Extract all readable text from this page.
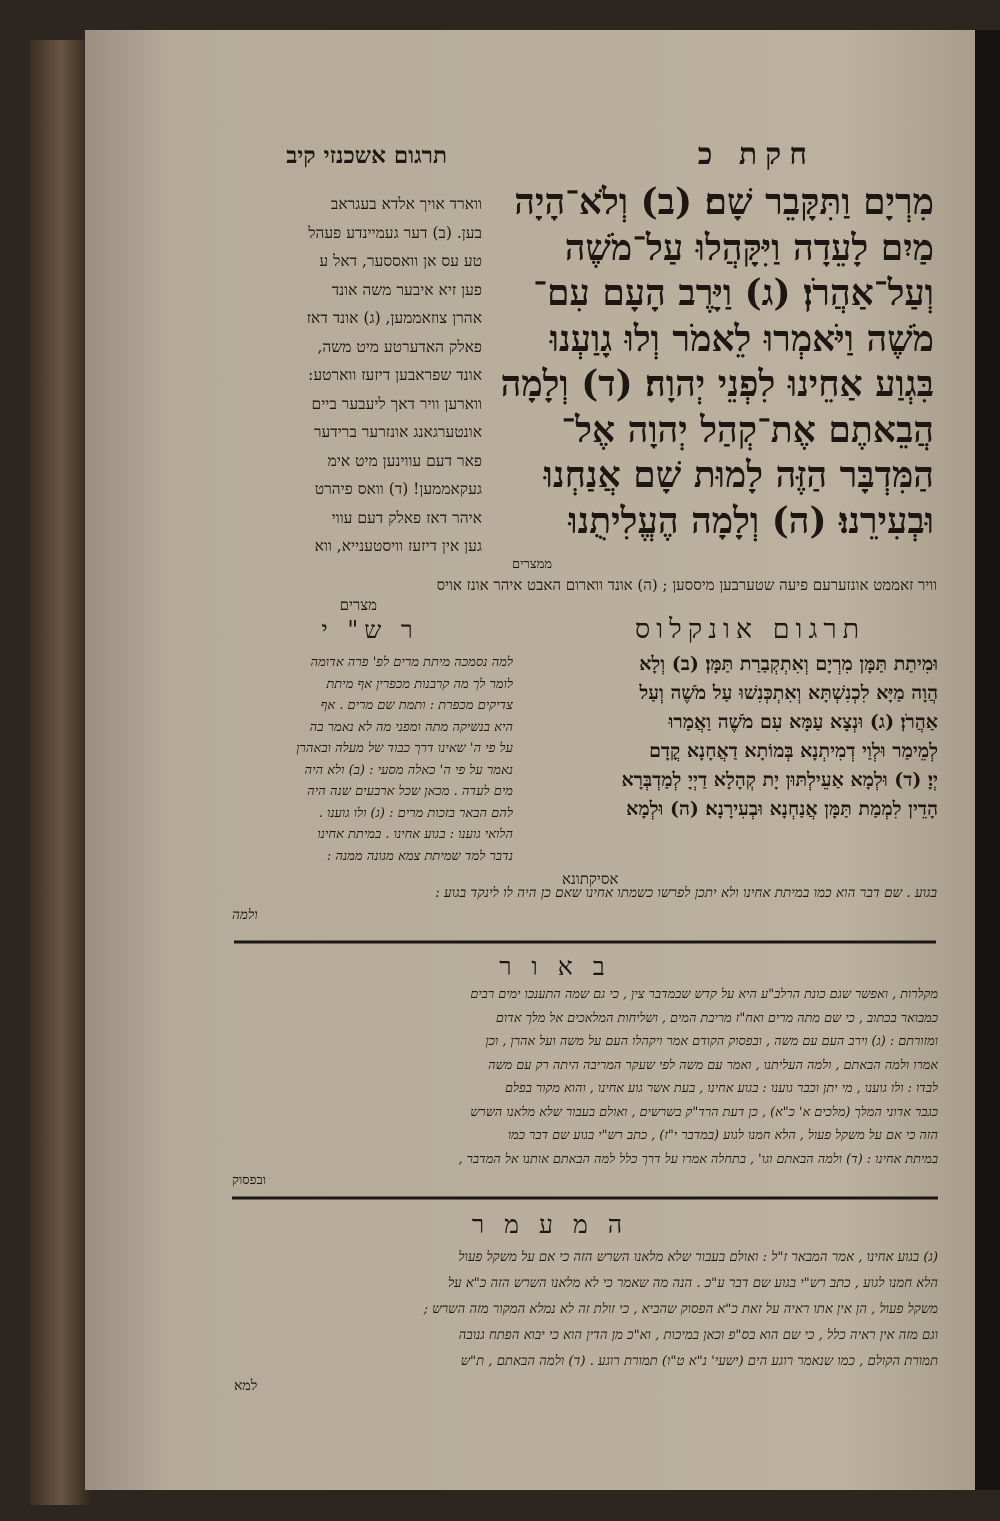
תרגום אשכנזי קיב	חקת כ
מִרְיָם וַתִּקָּבֵר שָׁם׃ (ב) וְלֹא־הָיָה
מַיִם לָעֵדָה וַיִּקָּהֲלוּ עַל־מֹשֶׁה
וְעַל־אַהֲרֹן׃ (ג) וַיָּרֶב הָעָם עִם־
מֹשֶׁה וַיֹּאמְרוּ לֵאמֹר וְלוּ גָוַעְנוּ
בִּגְוַע אַחֵינוּ לִפְנֵי יְהוָה׃ (ד) וְלָמָה
הֲבֵאתֶם אֶת־קְהַל יְהוָה אֶל־
הַמִּדְבָּר הַזֶּה לָמוּת שָׁם אֲנַחְנוּ
וּבְעִירֵנוּ׃ (ה) וְלָמָה הֶעֱלִיתֻנוּ
ממצרים
ווארד אויך אלדא בעגראב
בען. (ב) דער געמיינדע פעהל
טע עס אן וואססער, דאל ע
פען זיא איבער משה אונד
אהרן צוזאממען, (ג) אונד דאז
פאלק האדערטע מיט משה,
אונד שפראבען דיזעז ווארטע:
ווארען וויר דאך ליעבער ביים
אונטערגאנג אונזרער ברידער
פאר דעם עווינען מיט אימ
געקאממען! (ד) וואס פיהרט
איהר דאז פאלק דעם עווי
גען אין דיזעז וויסטענייא, ווא
וויר זאממט אונזערעם פיעה שטערבען מיססען ; (ה) אונד ווארום האבט איהר אונז אויס
מצרים
תרגום אונקלוס
וּמִיתַת תַּמָּן מִרְיָם וְאִתְקְבַרַת תַּמָּן׃ (ב) וְלָא
הֲוָה מַיָּא לִכְנִשְׁתָּא וְאִתְכְּנִשׁוּ עַל מֹשֶׁה וְעַל
אַהֲרֹן׃ (ג) וּנְצָא עַמָּא עִם מֹשֶׁה וַאֲמַרוּ
לְמֵימַר וּלְוַי דְמִיתְנָא בְּמוֹתָא דַאֲחָנָא קֳדָם
יְיָ׃ (ד) וּלְמָא אַעֵילְתּוּן יָת קְהָלָא דַיְיָ לְמַדְבְּרָא
הָדֵין לִמְמַת תַּמָּן אֲנַחְנָא וּבְעִירָנָא׃ (ה) וּלְמָא
אסיקתונא
ר ש" י
למה נסמכה מיתת מרים לפ' פרה אדומה
לומר לך מה קרבנות מכפרין אף מיתת
צדיקים מכפרת : ותמת שם מרים . אף
היא בנשיקה מתה ומפני מה לא נאמר בה
על פי ה' שאינו דרך כבוד של מעלה ובאהרן
נאמר על פי ה' כאלה מסעי : (ב) ולא היה
מים לעדה . מכאן שכל ארבעים שנה היה
להם הבאר בזכות מרים : (ג) ולו גוענו .
הלואי גוענו : בגוע אחינו . במיתת אחינו
נדבר למד שמיתת צמא מגונה ממנה :
בגוע . שם דבר הוא כמו במיתת אחינו ולא יתכן לפרשו כשמתו אחינו שאם כן היה לו לינקד בגוע :
ולמה
ב א ו ר
מקלרות , ואפשר שגם כונת הרלב"ע היא על קדש שבמדבר צין , כי גם שמה התענכו ימים רבים
כמבואר בכתוב , כי שם מתה מרים ואח"ז מריבת המים , ושליחות המלאכים אל מלך אדום
ומזורתם : (ג) וירב העם עם משה , ובפסוק הקודם אמר ויקהלו העם על משה ועל אהרן , וכן
אמרו ולמה הבאתם , ולמה העליתנו , ואמר עם משה לפי שעקר המריבה היתה רק עם משה
לבדו : ולו גוענו , מי יתן וכבר גוענו : בגוע אחינו , בעת אשר גוע אחינו , והוא מקור בפלם
כגבר אדוני המלך (מלכים א' כ"א) , כן דעת הרד"ק בשרשים , ואולם בעבור שלא מלאנו השרש
הזה כי אם על משקל פעול , הלא חמנו לגוע (במדבר י"ז) , כתב רש"י בגוע שם דבר כמו
במיתת אחינו : (ד) ולמה הבאתם וגו' , בתחלה אמרו על דרך כלל למה הבאתם אותנו אל המדבר ,
ובפסוק
ה מ ע מ ר
(ג) בגוע אחינו , אמר המבאר ז"ל : ואולם בעבור שלא מלאנו השרש הזה כי אם על משקל פעול
הלא חמנו לגוע , כתב רש"י בגוע שם דבר ע"כ . הנה מה שאמר כי לא מלאנו השרש הזה כ"א על
משקל פעול , הן אין אתו ראיה על זאת כ"א הפסוק שהביא , כי זולת זה לא נמלא המקור מזה השרש ;
וגם מזה אין ראיה כלל , כי שם הוא בס"פ וכאן במיכות , וא"כ מן הדין הוא כי יבוא הפתח גנובה
תמורת הקולם , כמו שנאמר רוגע הים (ישעי' נ"א ט"ו) תמורת רוגע . (ד) ולמה הבאתם , ת"ש
למא
